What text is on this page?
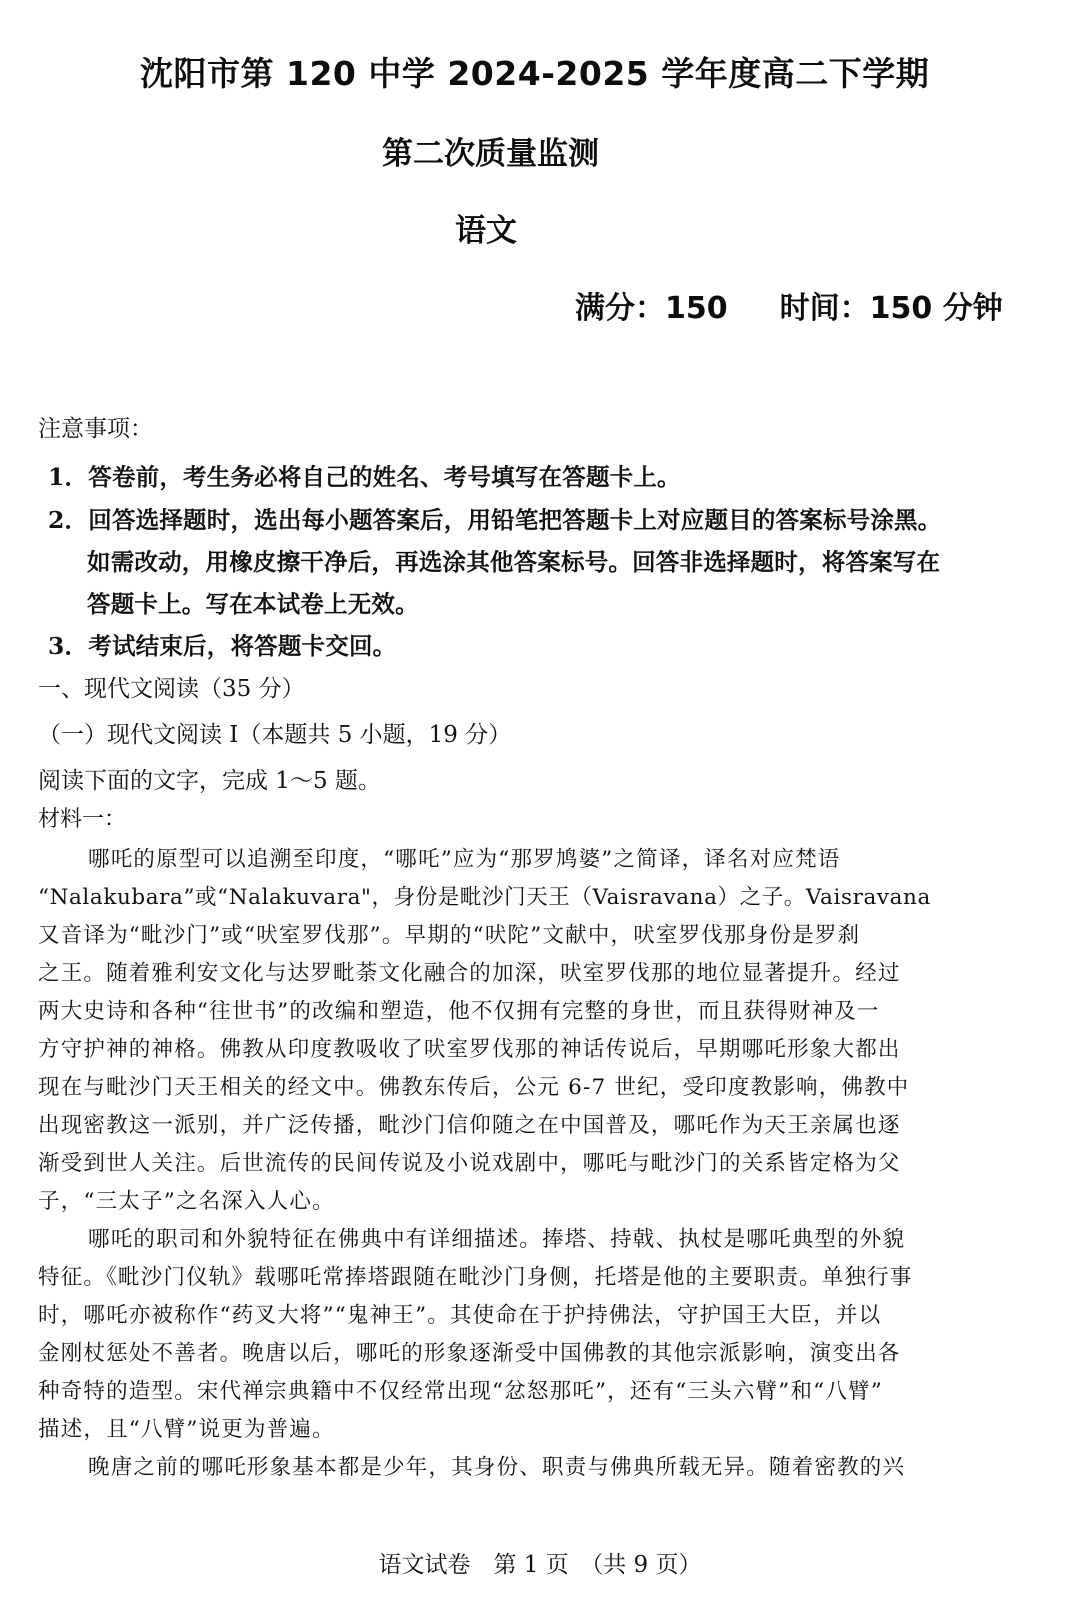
沈阳市第 120 中学 2024-2025 学年度高二下学期
第二次质量监测
语文
满分：150 时间：150 分钟
注意事项：
1．答卷前，考生务必将自己的姓名、考号填写在答题卡上。
2．回答选择题时，选出每小题答案后，用铅笔把答题卡上对应题目的答案标号涂黑。
如需改动，用橡皮擦干净后，再选涂其他答案标号。回答非选择题时，将答案写在
答题卡上。写在本试卷上无效。
3．考试结束后，将答题卡交回。
一、现代文阅读（35 分）
（一）现代文阅读 I（本题共 5 小题，19 分）
阅读下面的文字，完成 1～5 题。
材料一：
哪吒的原型可以追溯至印度，“哪吒”应为“那罗鸠婆”之简译，译名对应梵语
“Nalakubara”或“Nalakuvara"，身份是毗沙门天王（Vaisravana）之子。Vaisravana
又音译为“毗沙门”或“吠室罗伐那”。早期的“吠陀”文献中，吠室罗伐那身份是罗刹
之王。随着雅利安文化与达罗毗荼文化融合的加深，吠室罗伐那的地位显著提升。经过
两大史诗和各种“往世书”的改编和塑造，他不仅拥有完整的身世，而且获得财神及一
方守护神的神格。佛教从印度教吸收了吠室罗伐那的神话传说后，早期哪吒形象大都出
现在与毗沙门天王相关的经文中。佛教东传后，公元 6-7 世纪，受印度教影响，佛教中
出现密教这一派别，并广泛传播，毗沙门信仰随之在中国普及，哪吒作为天王亲属也逐
渐受到世人关注。后世流传的民间传说及小说戏剧中，哪吒与毗沙门的关系皆定格为父
子，“三太子”之名深入人心。
哪吒的职司和外貌特征在佛典中有详细描述。捧塔、持戟、执杖是哪吒典型的外貌
特征。《毗沙门仪轨》载哪吒常捧塔跟随在毗沙门身侧，托塔是他的主要职责。单独行事
时，哪吒亦被称作“药叉大将”“鬼神王”。其使命在于护持佛法，守护国王大臣，并以
金刚杖惩处不善者。晚唐以后，哪吒的形象逐渐受中国佛教的其他宗派影响，演变出各
种奇特的造型。宋代禅宗典籍中不仅经常出现“忿怒那吒”，还有“三头六臂”和“八臂”
描述，且“八臂”说更为普遍。
晚唐之前的哪吒形象基本都是少年，其身份、职责与佛典所载无异。随着密教的兴
语文试卷　第 1 页　（共 9 页）
